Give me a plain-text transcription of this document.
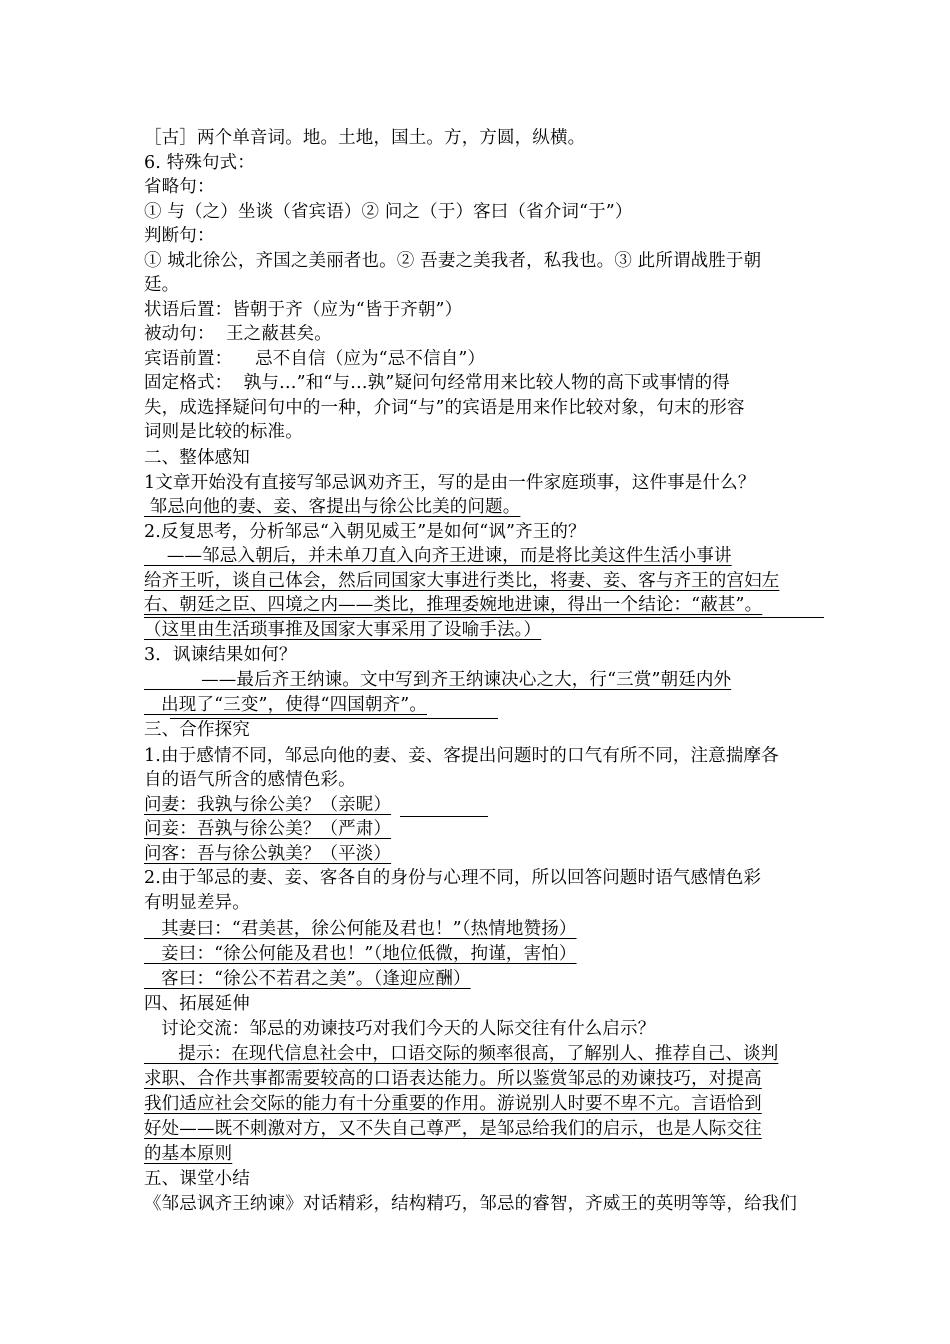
［古］两个单音词。地。土地，国土。方，方圆，纵横。
6. 特殊句式：
省略句：
① 与（之）坐谈（省宾语）② 问之（于）客曰（省介词“于”）
判断句：
① 城北徐公，齐国之美丽者也。② 吾妻之美我者，私我也。③ 此所谓战胜于朝
廷。
状语后置：皆朝于齐（应为“皆于齐朝”）
被动句：  王之蔽甚矣。
宾语前置：    忌不自信（应为“忌不信自”）
固定格式：  孰与…”和“与…孰”疑问句经常用来比较人物的高下或事情的得
失，成选择疑问句中的一种，介词“与”的宾语是用来作比较对象，句末的形容
词则是比较的标准。
二、整体感知
1文章开始没有直接写邹忌讽劝齐王，写的是由一件家庭琐事，这件事是什么？
邹忌向他的妻、妾、客提出与徐公比美的问题。
2.反复思考，分析邹忌“入朝见威王”是如何“讽”齐王的？
——邹忌入朝后，并未单刀直入向齐王进谏，而是将比美这件生活小事讲
给齐王听，谈自己体会，然后同国家大事进行类比，将妻、妾、客与齐王的宫妇左
右、朝廷之臣、四境之内——类比，推理委婉地进谏，得出一个结论：“蔽甚”。
（这里由生活琐事推及国家大事采用了设喻手法。）
3．讽谏结果如何？
——最后齐王纳谏。文中写到齐王纳谏决心之大，行“三赏”朝廷内外
出现了“三变”，使得“四国朝齐”。
三、合作探究
1.由于感情不同，邹忌向他的妻、妾、客提出问题时的口气有所不同，注意揣摩各
自的语气所含的感情色彩。
问妻：我孰与徐公美？（亲昵）
问妾：吾孰与徐公美？（严肃）
问客：吾与徐公孰美？（平淡）
2.由于邹忌的妻、妾、客各自的身份与心理不同，所以回答问题时语气感情色彩
有明显差异。
其妻曰：“君美甚，徐公何能及君也！”（热情地赞扬）
妾曰：“徐公何能及君也！”（地位低微，拘谨，害怕）
客曰：“徐公不若君之美”。（逢迎应酬）
四、拓展延伸
讨论交流：邹忌的劝谏技巧对我们今天的人际交往有什么启示？
提示：在现代信息社会中，口语交际的频率很高，了解别人、推荐自己、谈判
求职、合作共事都需要较高的口语表达能力。所以鉴赏邹忌的劝谏技巧，对提高
我们适应社会交际的能力有十分重要的作用。游说别人时要不卑不亢。言语恰到
好处——既不刺激对方，又不失自己尊严，是邹忌给我们的启示，也是人际交往
的基本原则
五、课堂小结
《邹忌讽齐王纳谏》对话精彩，结构精巧，邹忌的睿智，齐威王的英明等等，给我们
